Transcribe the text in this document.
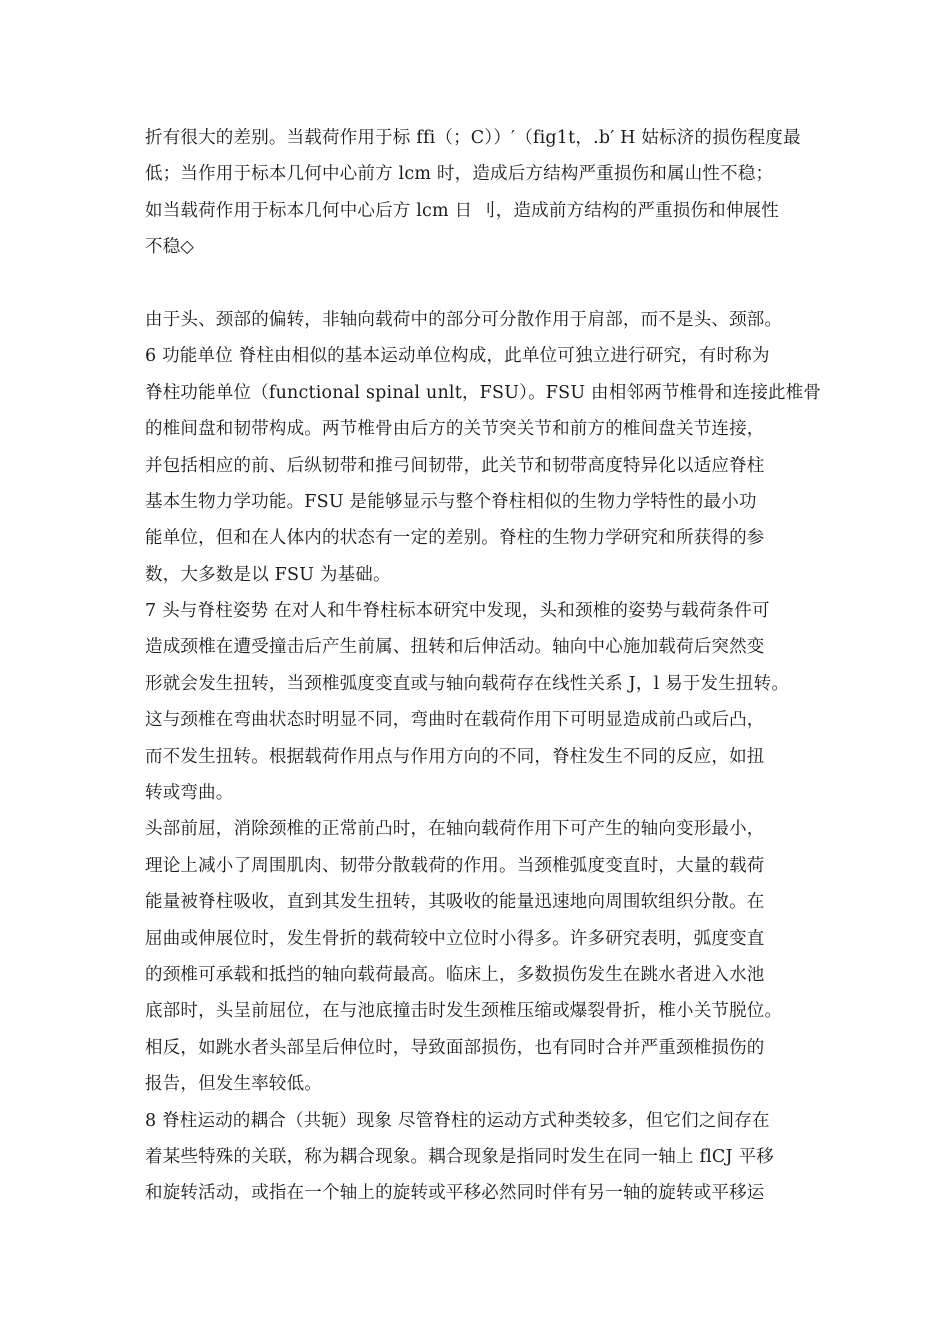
折有很大的差别。当载荷作用于标 ffi（；C））′（fig1t，.b′ H 姑标济的损伤程度最
低；当作用于标本几何中心前方 lcm 时，造成后方结构严重损伤和属山性不稳；
如当载荷作用于标本几何中心后方 lcm 日 刂，造成前方结构的严重损伤和伸展性
不稳◇
由于头、颈部的偏转，非轴向载荷中的部分可分散作用于肩部，而不是头、颈部。
6 功能单位 脊柱由相似的基本运动单位构成，此单位可独立进行研究，有时称为
脊柱功能单位（functional spinal unlt，FSU）。FSU 由相邻两节椎骨和连接此椎骨
的椎间盘和韧带构成。两节椎骨由后方的关节突关节和前方的椎间盘关节连接，
并包括相应的前、后纵韧带和推弓间韧带，此关节和韧带高度特异化以适应脊柱
基本生物力学功能。FSU 是能够显示与整个脊柱相似的生物力学特性的最小功
能单位，但和在人体内的状态有一定的差别。脊柱的生物力学研究和所获得的参
数，大多数是以 FSU 为基础。
7 头与脊柱姿势 在对人和牛脊柱标本研究中发现，头和颈椎的姿势与载荷条件可
造成颈椎在遭受撞击后产生前属、扭转和后伸活动。轴向中心施加载荷后突然变
形就会发生扭转，当颈椎弧度变直或与轴向载荷存在线性关系 J，l 易于发生扭转。
这与颈椎在弯曲状态时明显不同，弯曲时在载荷作用下可明显造成前凸或后凸，
而不发生扭转。根据载荷作用点与作用方向的不同，脊柱发生不同的反应，如扭
转或弯曲。
头部前屈，消除颈椎的正常前凸时，在轴向载荷作用下可产生的轴向变形最小，
理论上减小了周围肌肉、韧带分散载荷的作用。当颈椎弧度变直时，大量的载荷
能量被脊柱吸收，直到其发生扭转，其吸收的能量迅速地向周围软组织分散。在
屈曲或伸展位时，发生骨折的载荷较中立位时小得多。许多研究表明，弧度变直
的颈椎可承载和抵挡的轴向载荷最高。临床上，多数损伤发生在跳水者进入水池
底部时，头呈前屈位，在与池底撞击时发生颈椎压缩或爆裂骨折，椎小关节脱位。
相反，如跳水者头部呈后伸位时，导致面部损伤，也有同时合并严重颈椎损伤的
报告，但发生率较低。
8 脊柱运动的耦合（共轭）现象 尽管脊柱的运动方式种类较多，但它们之间存在
着某些特殊的关联，称为耦合现象。耦合现象是指同时发生在同一轴上 flCJ 平移
和旋转活动，或指在一个轴上的旋转或平移必然同时伴有另一轴的旋转或平移运
